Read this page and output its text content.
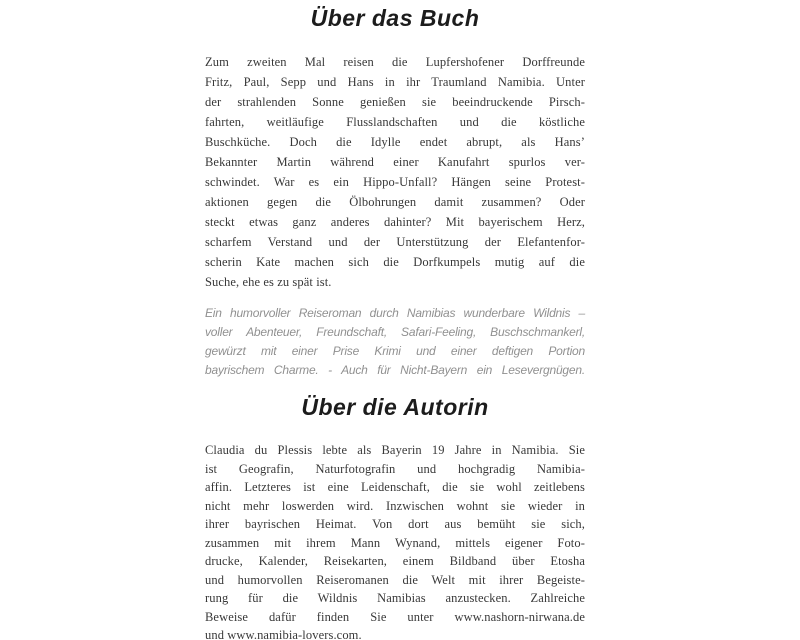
Über das Buch
Zum zweiten Mal reisen die Lupfershofener Dorffreunde
Fritz, Paul, Sepp und Hans in ihr Traumland Namibia. Unter
der strahlenden Sonne genießen sie beeindruckende Pirsch-
fahrten, weitläufige Flusslandschaften und die köstliche
Buschküche. Doch die Idylle endet abrupt, als Hans’
Bekannter Martin während einer Kanufahrt spurlos ver-
schwindet. War es ein Hippo-Unfall? Hängen seine Protest-
aktionen gegen die Ölbohrungen damit zusammen? Oder
steckt etwas ganz anderes dahinter? Mit bayerischem Herz,
scharfem Verstand und der Unterstützung der Elefantenfor-
scherin Kate machen sich die Dorfkumpels mutig auf die
Suche, ehe es zu spät ist.
Ein humorvoller Reiseroman durch Namibias wunderbare Wildnis –
voller Abenteuer, Freundschaft, Safari-Feeling, Buschschmankerl,
gewürzt mit einer Prise Krimi und einer deftigen Portion
bayrischem Charme. - Auch für Nicht-Bayern ein Lesevergnügen.
Über die Autorin
Claudia du Plessis lebte als Bayerin 19 Jahre in Namibia. Sie
ist Geografin, Naturfotografin und hochgradig Namibia-
affin. Letzteres ist eine Leidenschaft, die sie wohl zeitlebens
nicht mehr loswerden wird. Inzwischen wohnt sie wieder in
ihrer bayrischen Heimat. Von dort aus bemüht sie sich,
zusammen mit ihrem Mann Wynand, mittels eigener Foto-
drucke, Kalender, Reisekarten, einem Bildband über Etosha
und humorvollen Reiseromanen die Welt mit ihrer Begeiste-
rung für die Wildnis Namibias anzustecken. Zahlreiche
Beweise dafür finden Sie unter www.nashorn-nirwana.de
und www.namibia-lovers.com.
